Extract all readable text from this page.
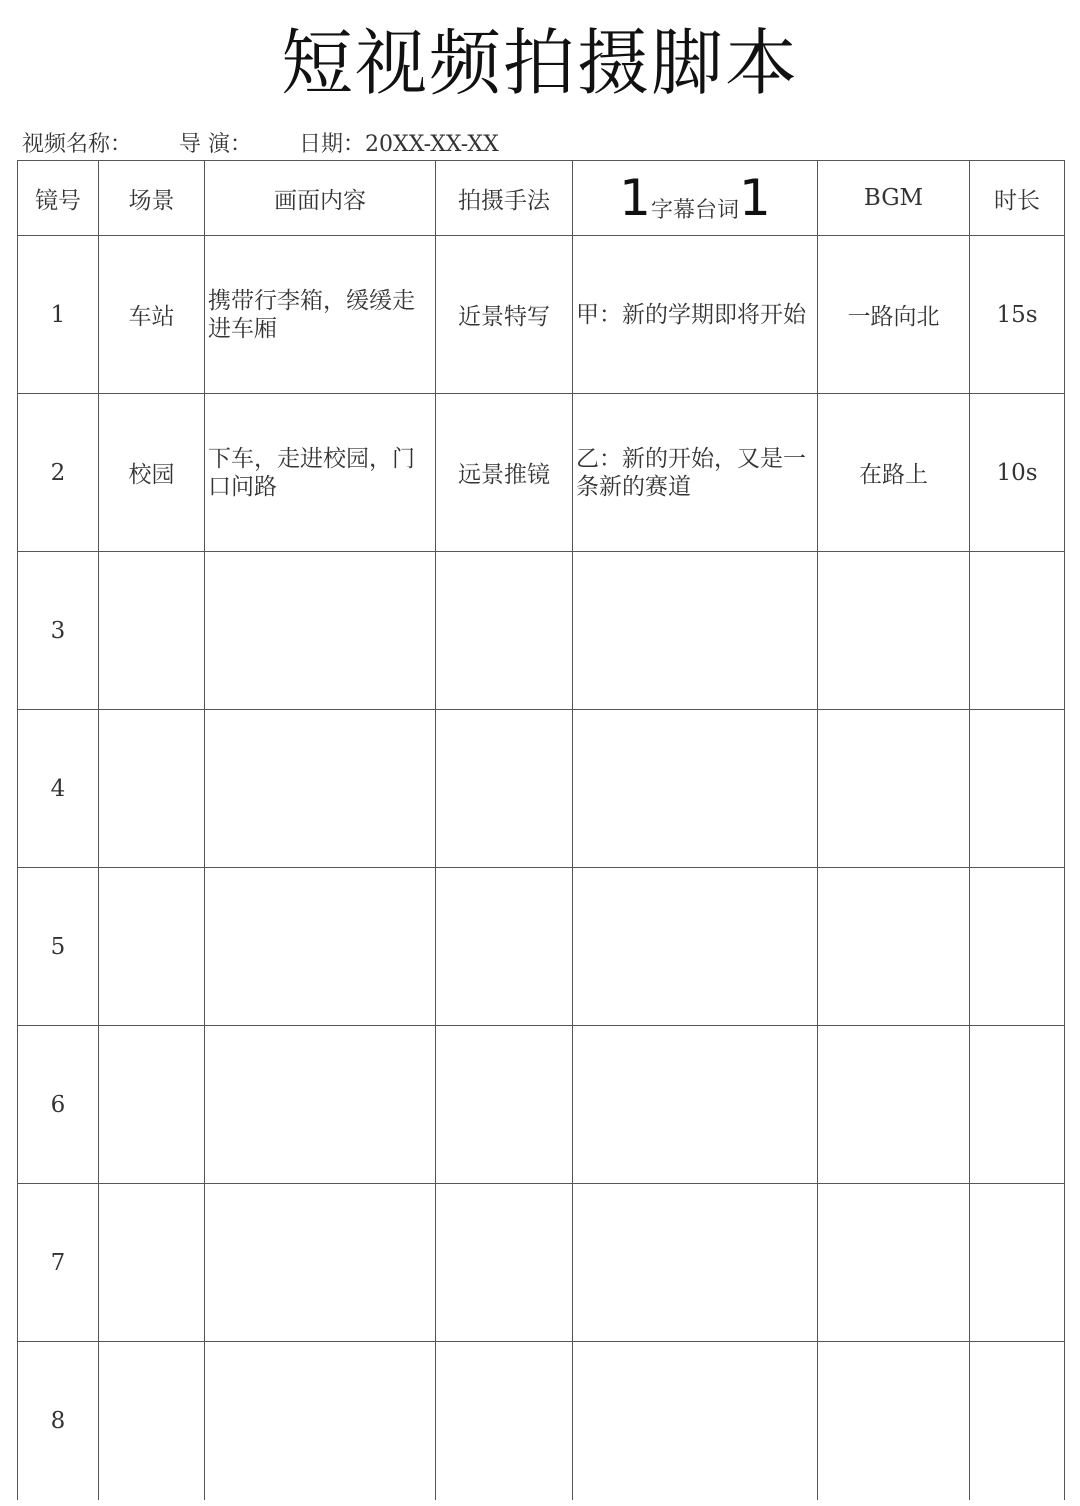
短视频拍摄脚本
视频名称： 导 演： 日期：20XX-XX-XX
镜号	场景	画面内容	拍摄手法	1字幕台词1	BGM	时长
1	车站	携带行李箱，缓缓走进车厢	近景特写	甲：新的学期即将开始	一路向北	15s
2	校园	下车，走进校园，门口问路	远景推镜	乙：新的开始，又是一条新的赛道	在路上	10s
3						
4						
5						
6						
7						
8						
